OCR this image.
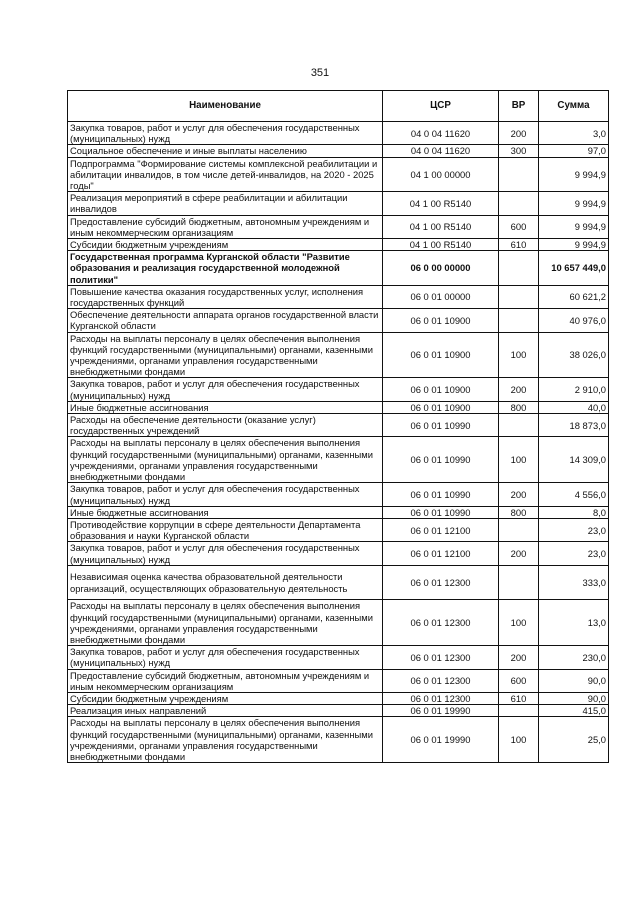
351
Наименование	ЦСР	ВР	Сумма
Закупка товаров, работ и услуг для обеспечения государственных (муниципальных) нужд	04 0 04 11620	200	3,0
Социальное обеспечение и иные выплаты населению	04 0 04 11620	300	97,0
Подпрограмма "Формирование системы комплексной реабилитации и абилитации инвалидов, в том числе детей-инвалидов, на 2020 - 2025 годы"	04 1 00 00000		9 994,9
Реализация мероприятий в сфере реабилитации и абилитации инвалидов	04 1 00 R5140		9 994,9
Предоставление субсидий бюджетным, автономным учреждениям и иным некоммерческим организациям	04 1 00 R5140	600	9 994,9
Субсидии бюджетным учреждениям	04 1 00 R5140	610	9 994,9
Государственная программа Курганской области "Развитие образования и реализация государственной молодежной политики"	06 0 00 00000		10 657 449,0
Повышение качества оказания государственных услуг, исполнения государственных функций	06 0 01 00000		60 621,2
Обеспечение деятельности аппарата органов государственной власти Курганской области	06 0 01 10900		40 976,0
Расходы на выплаты персоналу в целях обеспечения выполнения функций государственными (муниципальными) органами, казенными учреждениями, органами управления государственными внебюджетными фондами	06 0 01 10900	100	38 026,0
Закупка товаров, работ и услуг для обеспечения государственных (муниципальных) нужд	06 0 01 10900	200	2 910,0
Иные бюджетные ассигнования	06 0 01 10900	800	40,0
Расходы на обеспечение деятельности (оказание услуг) государственных учреждений	06 0 01 10990		18 873,0
Расходы на выплаты персоналу в целях обеспечения выполнения функций государственными (муниципальными) органами, казенными учреждениями, органами управления государственными внебюджетными фондами	06 0 01 10990	100	14 309,0
Закупка товаров, работ и услуг для обеспечения государственных (муниципальных) нужд	06 0 01 10990	200	4 556,0
Иные бюджетные ассигнования	06 0 01 10990	800	8,0
Противодействие коррупции в сфере деятельности Департамента образования и науки Курганской области	06 0 01 12100		23,0
Закупка товаров, работ и услуг для обеспечения государственных (муниципальных) нужд	06 0 01 12100	200	23,0
Независимая оценка качества образовательной деятельности организаций, осуществляющих образовательную деятельность	06 0 01 12300		333,0
Расходы на выплаты персоналу в целях обеспечения выполнения функций государственными (муниципальными) органами, казенными учреждениями, органами управления государственными внебюджетными фондами	06 0 01 12300	100	13,0
Закупка товаров, работ и услуг для обеспечения государственных (муниципальных) нужд	06 0 01 12300	200	230,0
Предоставление субсидий бюджетным, автономным учреждениям и иным некоммерческим организациям	06 0 01 12300	600	90,0
Субсидии бюджетным учреждениям	06 0 01 12300	610	90,0
Реализация иных направлений	06 0 01 19990		415,0
Расходы на выплаты персоналу в целях обеспечения выполнения функций государственными (муниципальными) органами, казенными учреждениями, органами управления государственными внебюджетными фондами	06 0 01 19990	100	25,0
